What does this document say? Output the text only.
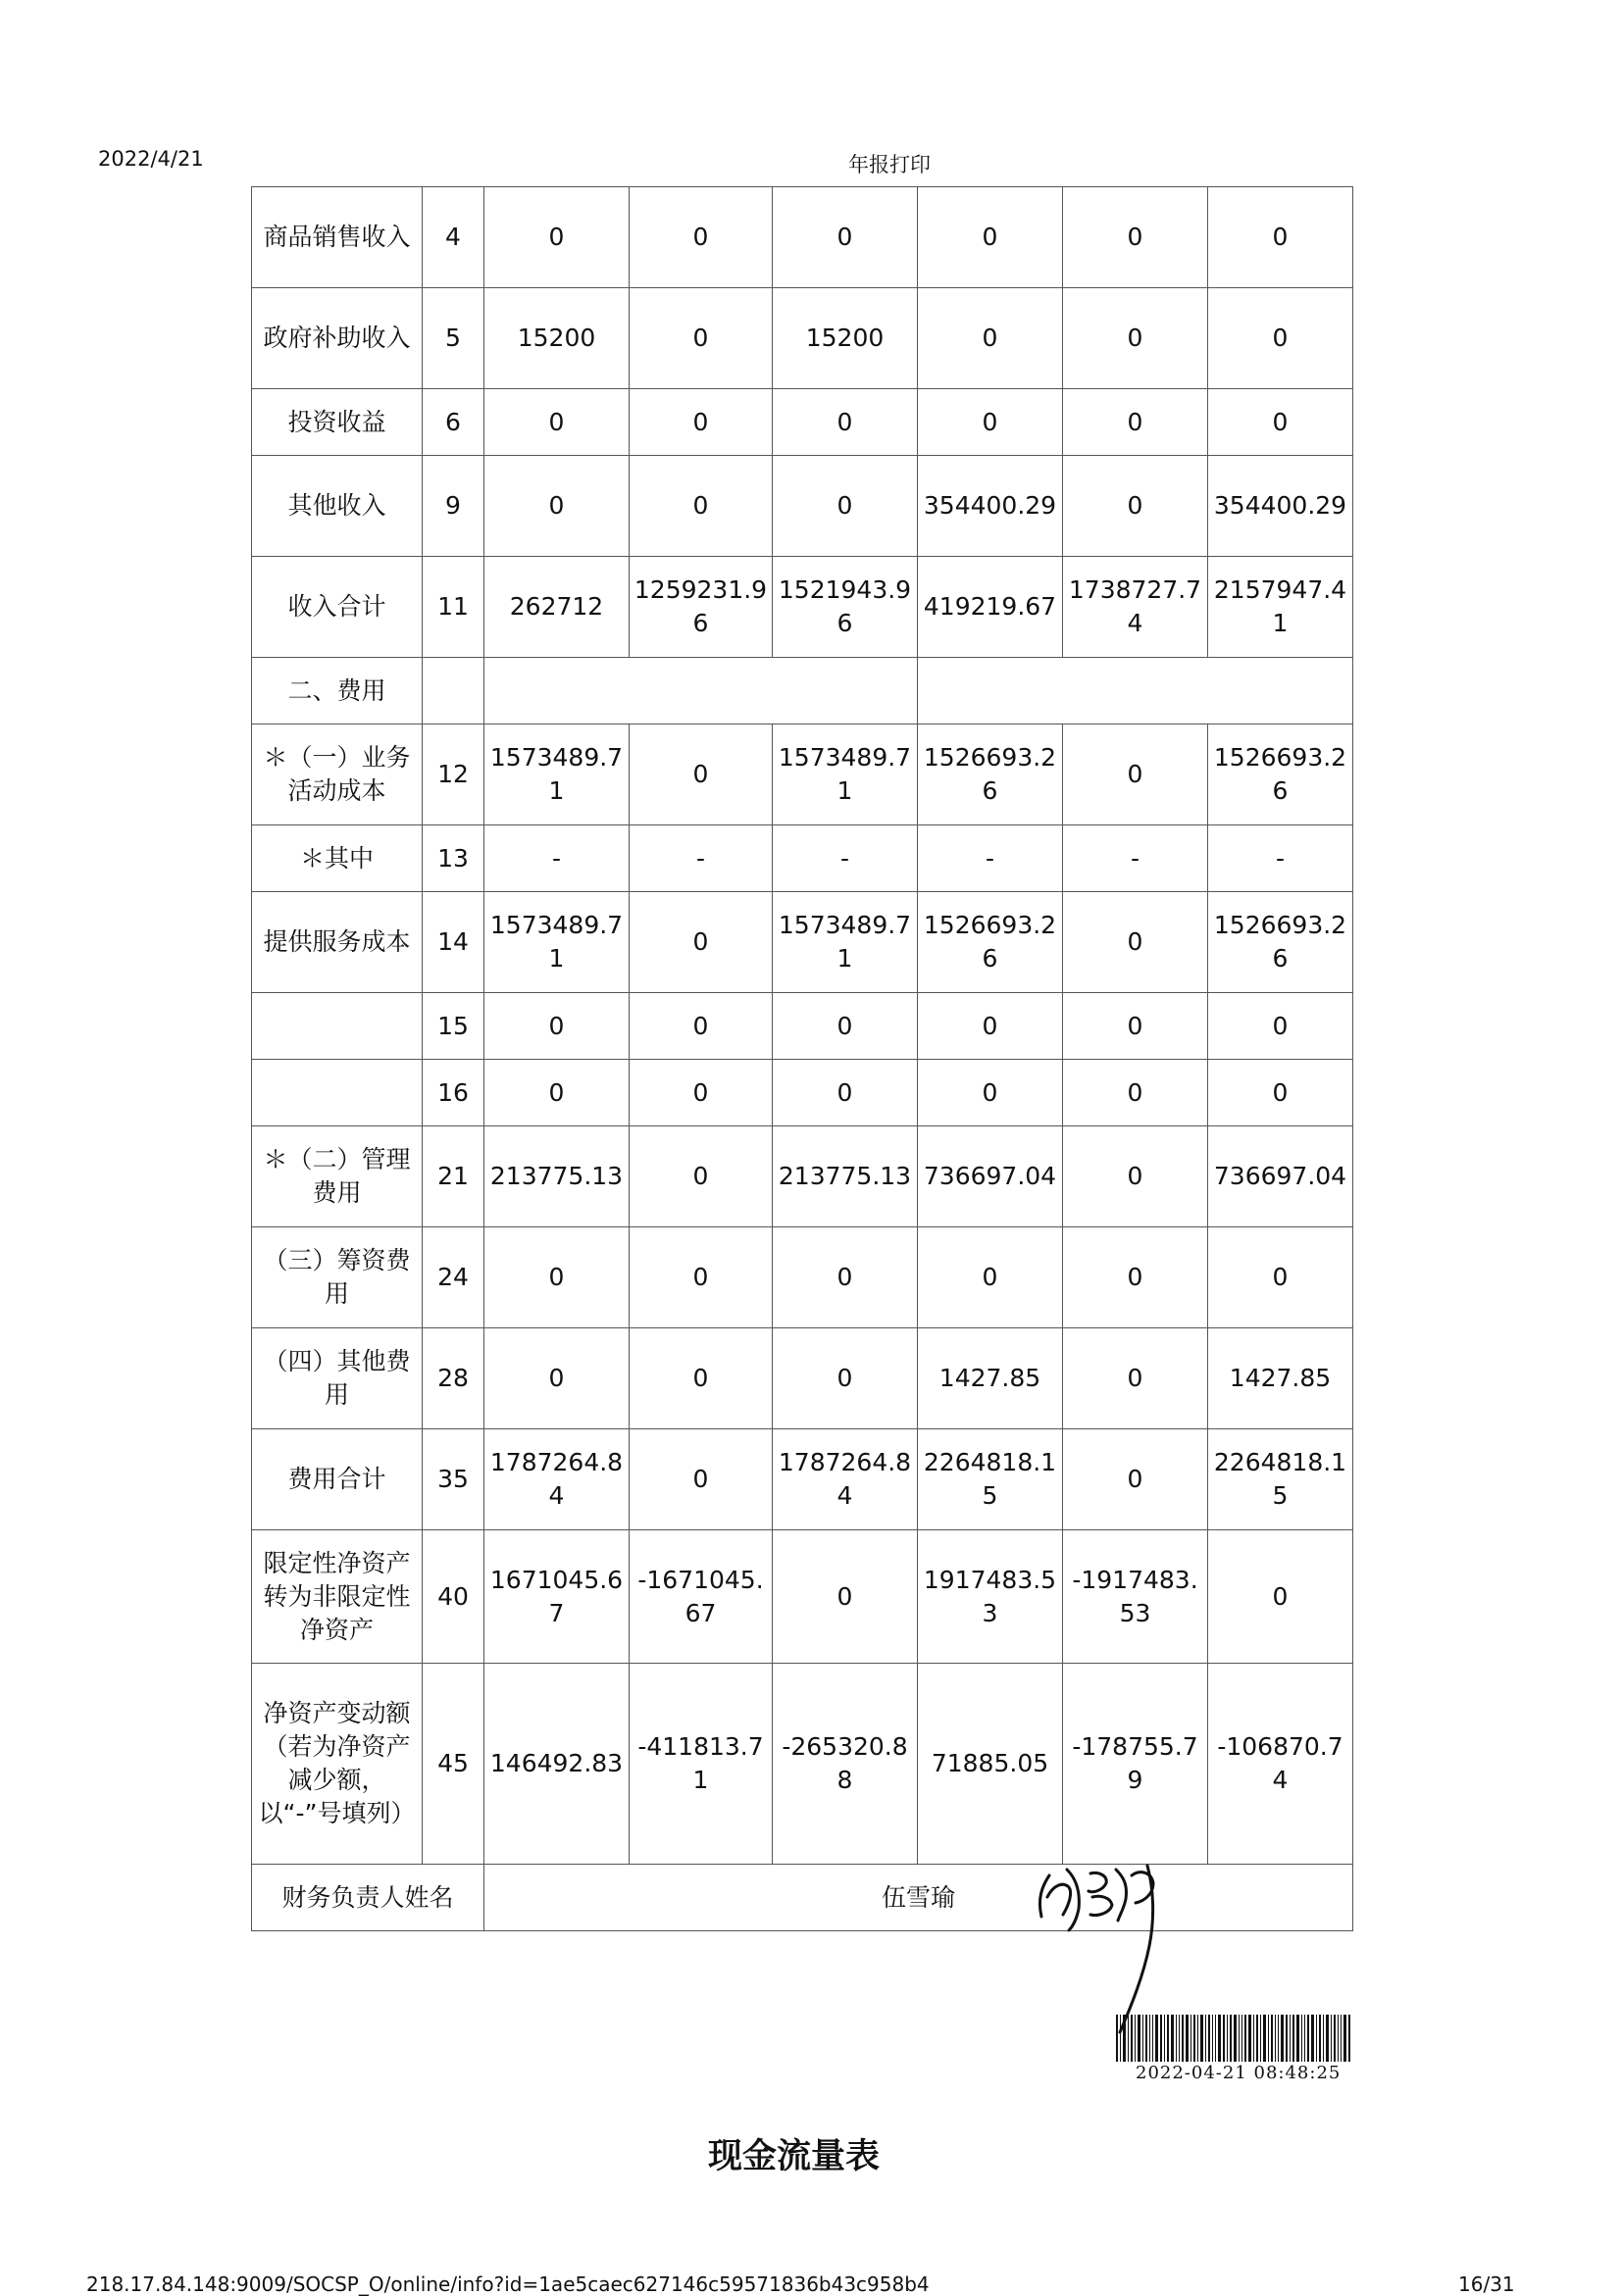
2022/4/21	年报打印
商品销售收入	4	0	0	0	0	0	0
政府补助收入	5	15200	0	15200	0	0	0
投资收益	6	0	0	0	0	0	0
其他收入	9	0	0	0	354400.29	0	354400.29
收入合计	11	262712	1259231.96	1521943.96	419219.67	1738727.74	2157947.41
二、费用							
＊（一）业务活动成本	12	1573489.71	0	1573489.71	1526693.26	0	1526693.26
＊其中	13	-	-	-	-	-	-
提供服务成本	14	1573489.71	0	1573489.71	1526693.26	0	1526693.26
	15	0	0	0	0	0	0
	16	0	0	0	0	0	0
＊（二）管理费用	21	213775.13	0	213775.13	736697.04	0	736697.04
（三）筹资费用	24	0	0	0	0	0	0
（四）其他费用	28	0	0	0	1427.85	0	1427.85
费用合计	35	1787264.84	0	1787264.84	2264818.15	0	2264818.15
限定性净资产转为非限定性净资产	40	1671045.67	-1671045.67	0	1917483.53	-1917483.53	0
净资产变动额（若为净资产减少额，以“-”号填列）	45	146492.83	-411813.71	-265320.88	71885.05	-178755.79	-106870.74
财务负责人姓名		伍雪瑜					
2022-04-21 08:48:25
现金流量表
218.17.84.148:9009/SOCSP_O/online/info?id=1ae5caec627146c59571836b43c958b4	16/31
